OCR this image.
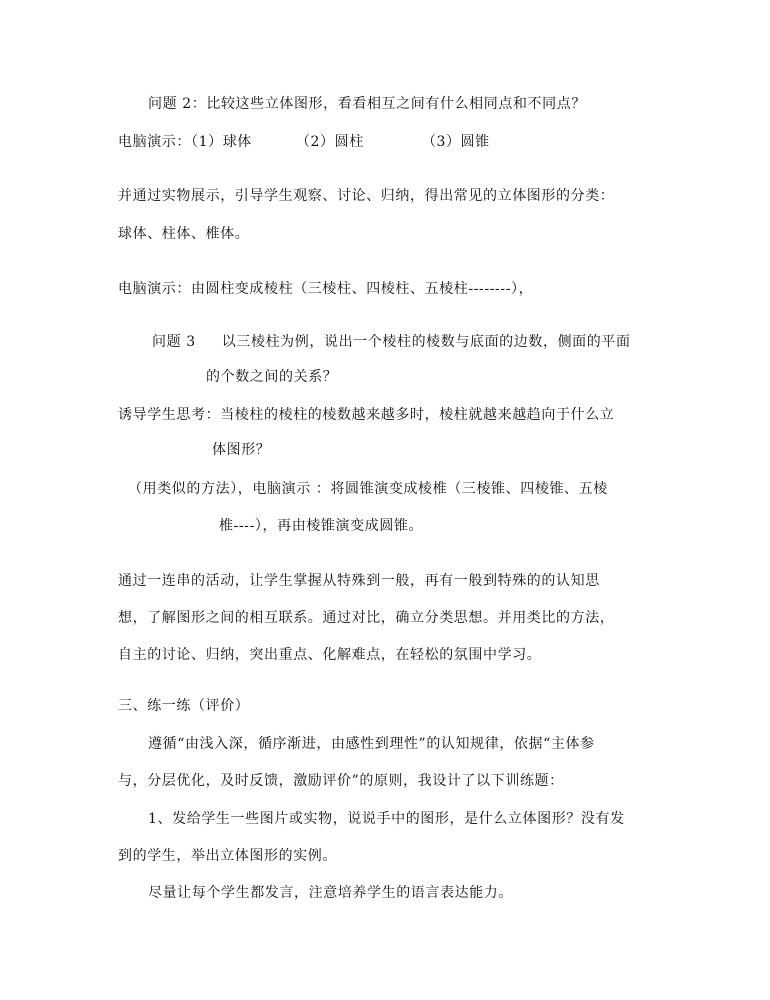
问题 2：比较这些立体图形，看看相互之间有什么相同点和不同点？
电脑演示：（1）球体	（2）圆柱	（3）圆锥
并通过实物展示，引导学生观察、讨论、归纳，得出常见的立体图形的分类：
球体、柱体、椎体。
电脑演示：由圆柱变成棱柱（三棱柱、四棱柱、五棱柱--------），
问题 3 以三棱柱为例，说出一个棱柱的棱数与底面的边数，侧面的平面
的个数之间的关系？
诱导学生思考：当棱柱的棱柱的棱数越来越多时，棱柱就越来越趋向于什么立
体图形？
（用类似的方法），电脑演示 ：将圆锥演变成棱椎（三棱锥、四棱锥、五棱
椎----），再由棱锥演变成圆锥。
通过一连串的活动，让学生掌握从特殊到一般，再有一般到特殊的的认知思
想，了解图形之间的相互联系。通过对比，确立分类思想。并用类比的方法，
自主的讨论、归纳，突出重点、化解难点，在轻松的氛围中学习。
三、练一练（评价）
遵循“由浅入深，循序渐进，由感性到理性”的认知规律，依据“主体参
与，分层优化，及时反馈，激励评价”的原则，我设计了以下训练题：
1、发给学生一些图片或实物，说说手中的图形，是什么立体图形？没有发
到的学生，举出立体图形的实例。
尽量让每个学生都发言，注意培养学生的语言表达能力。
